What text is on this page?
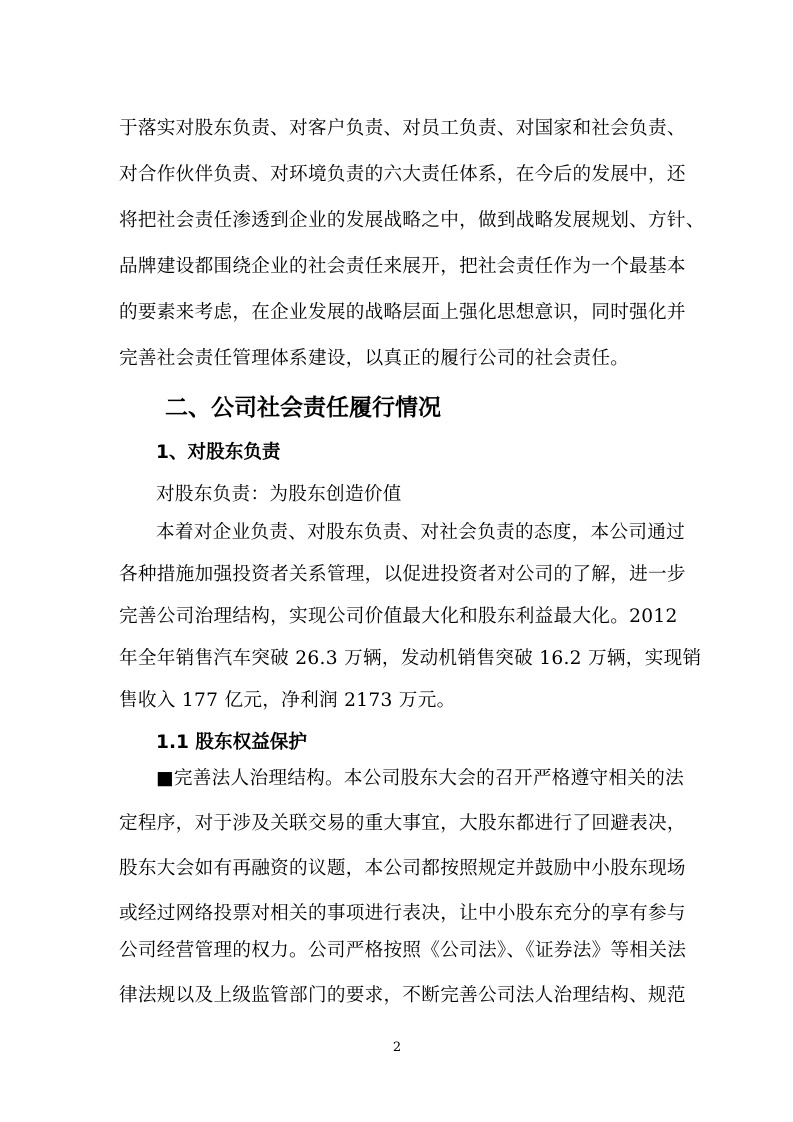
于落实对股东负责、对客户负责、对员工负责、对国家和社会负责、
对合作伙伴负责、对环境负责的六大责任体系，在今后的发展中，还
将把社会责任渗透到企业的发展战略之中，做到战略发展规划、方针、
品牌建设都围绕企业的社会责任来展开，把社会责任作为一个最基本
的要素来考虑，在企业发展的战略层面上强化思想意识，同时强化并
完善社会责任管理体系建设，以真正的履行公司的社会责任。
二、公司社会责任履行情况
1、对股东负责
对股东负责：为股东创造价值
本着对企业负责、对股东负责、对社会负责的态度，本公司通过
各种措施加强投资者关系管理，以促进投资者对公司的了解，进一步
完善公司治理结构，实现公司价值最大化和股东利益最大化。2012
年全年销售汽车突破 26.3 万辆，发动机销售突破 16.2 万辆，实现销
售收入 177 亿元，净利润 2173 万元。
1.1 股东权益保护
■完善法人治理结构。本公司股东大会的召开严格遵守相关的法
定程序，对于涉及关联交易的重大事宜，大股东都进行了回避表决，
股东大会如有再融资的议题，本公司都按照规定并鼓励中小股东现场
或经过网络投票对相关的事项进行表决，让中小股东充分的享有参与
公司经营管理的权力。公司严格按照《公司法》、《证券法》等相关法
律法规以及上级监管部门的要求，不断完善公司法人治理结构、规范
2
